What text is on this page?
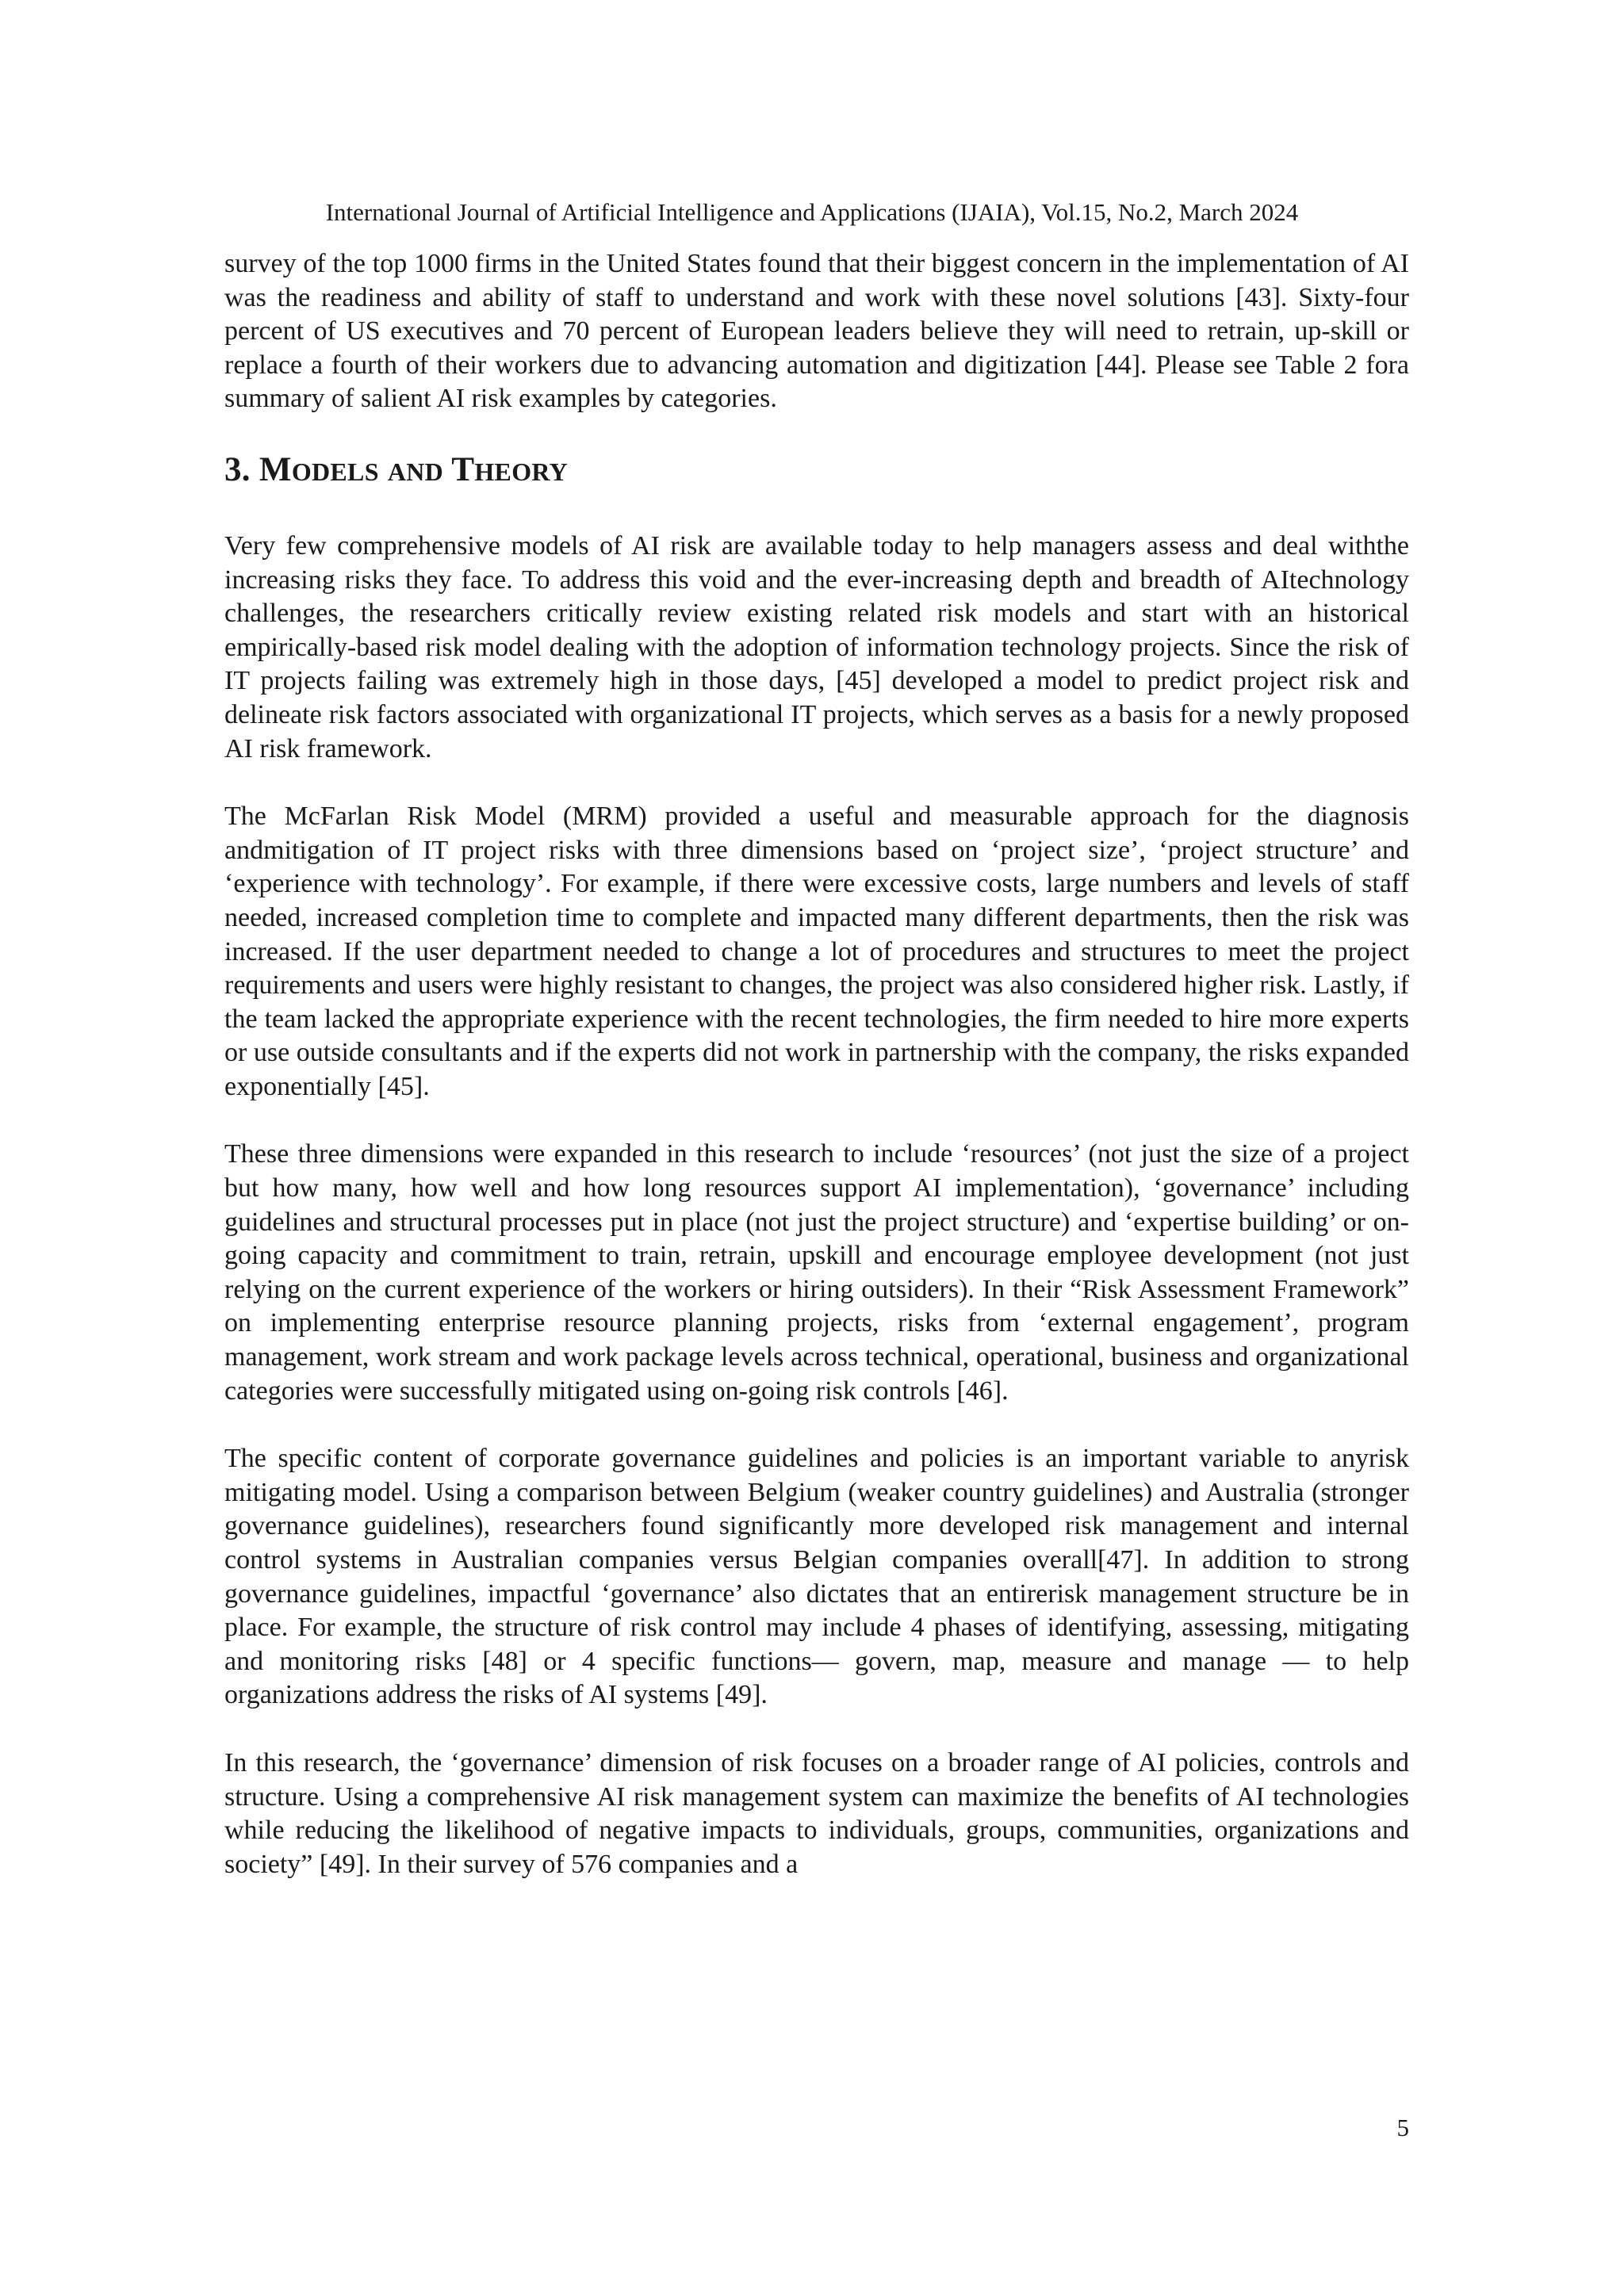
International Journal of Artificial Intelligence and Applications (IJAIA), Vol.15, No.2, March 2024

survey of the top 1000 firms in the United States found that their biggest concern in the implementation of AI was the readiness and ability of staff to understand and work with these novel solutions [43]. Sixty-four percent of US executives and 70 percent of European leaders believe they will need to retrain, up-skill or replace a fourth of their workers due to advancing automation and digitization [44]. Please see Table 2 fora summary of salient AI risk examples by categories.

3. MODELS AND THEORY

Very few comprehensive models of AI risk are available today to help managers assess and deal withthe increasing risks they face. To address this void and the ever-increasing depth and breadth of AItechnology challenges, the researchers critically review existing related risk models and start with an historical empirically-based risk model dealing with the adoption of information technology projects. Since the risk of IT projects failing was extremely high in those days, [45] developed a model to predict project risk and delineate risk factors associated with organizational IT projects, which serves as a basis for a newly proposed AI risk framework.

The McFarlan Risk Model (MRM) provided a useful and measurable approach for the diagnosis andmitigation of IT project risks with three dimensions based on ‘project size’, ‘project structure’ and ‘experience with technology’. For example, if there were excessive costs, large numbers and levels of staff needed, increased completion time to complete and impacted many different departments, then the risk was increased. If the user department needed to change a lot of procedures and structures to meet the project requirements and users were highly resistant to changes, the project was also considered higher risk. Lastly, if the team lacked the appropriate experience with the recent technologies, the firm needed to hire more experts or use outside consultants and if the experts did not work in partnership with the company, the risks expanded exponentially [45].

These three dimensions were expanded in this research to include ‘resources’ (not just the size of a project but how many, how well and how long resources support AI implementation), ‘governance’ including guidelines and structural processes put in place (not just the project structure) and ‘expertise building’ or on-going capacity and commitment to train, retrain, upskill and encourage employee development (not just relying on the current experience of the workers or hiring outsiders). In their “Risk Assessment Framework” on implementing enterprise resource planning projects, risks from ‘external engagement’, program management, work stream and work package levels across technical, operational, business and organizational categories were successfully mitigated using on-going risk controls [46].

The specific content of corporate governance guidelines and policies is an important variable to anyrisk mitigating model. Using a comparison between Belgium (weaker country guidelines) and Australia (stronger governance guidelines), researchers found significantly more developed risk management and internal control systems in Australian companies versus Belgian companies overall[47]. In addition to strong governance guidelines, impactful ‘governance’ also dictates that an entirerisk management structure be in place. For example, the structure of risk control may include 4 phases of identifying, assessing, mitigating and monitoring risks [48] or 4 specific functions— govern, map, measure and manage — to help organizations address the risks of AI systems [49].

In this research, the ‘governance’ dimension of risk focuses on a broader range of AI policies, controls and structure. Using a comprehensive AI risk management system can maximize the benefits of AI technologies while reducing the likelihood of negative impacts to individuals, groups, communities, organizations and society” [49]. In their survey of 576 companies and a

5
